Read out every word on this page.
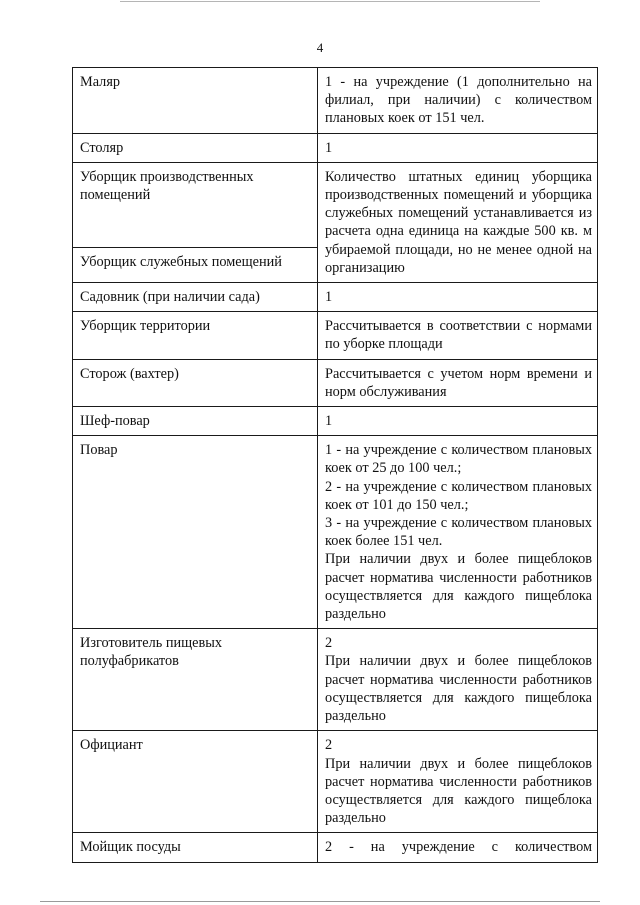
4
Маляр	1 - на учреждение (1 дополнительно на филиал, при наличии) с количеством плановых коек от 151 чел.
Столяр	1
Уборщик производственных помещений	Количество штатных единиц уборщика производственных помещений и уборщика служебных помещений устанавливается из расчета одна единица на каждые 500 кв. м убираемой площади, но не менее одной на организацию
Уборщик служебных помещений	
Садовник (при наличии сада)	1
Уборщик территории	Рассчитывается в соответствии с нормами по уборке площади
Сторож (вахтер)	Рассчитывается с учетом норм времени и норм обслуживания
Шеф-повар	1
Повар	1 - на учреждение с количеством плановых коек от 25 до 100 чел.;
2 - на учреждение с количеством плановых коек от 101 до 150 чел.;
3 - на учреждение с количеством плановых коек более 151 чел.
При наличии двух и более пищеблоков расчет норматива численности работников осуществляется для каждого пищеблока раздельно

Изготовитель пищевых полуфабрикатов	2
При наличии двух и более пищеблоков расчет норматива численности работников осуществляется для каждого пищеблока раздельно

Официант	2
При наличии двух и более пищеблоков расчет норматива численности работников осуществляется для каждого пищеблока раздельно

Мойщик посуды	2 - на учреждение с количеством
